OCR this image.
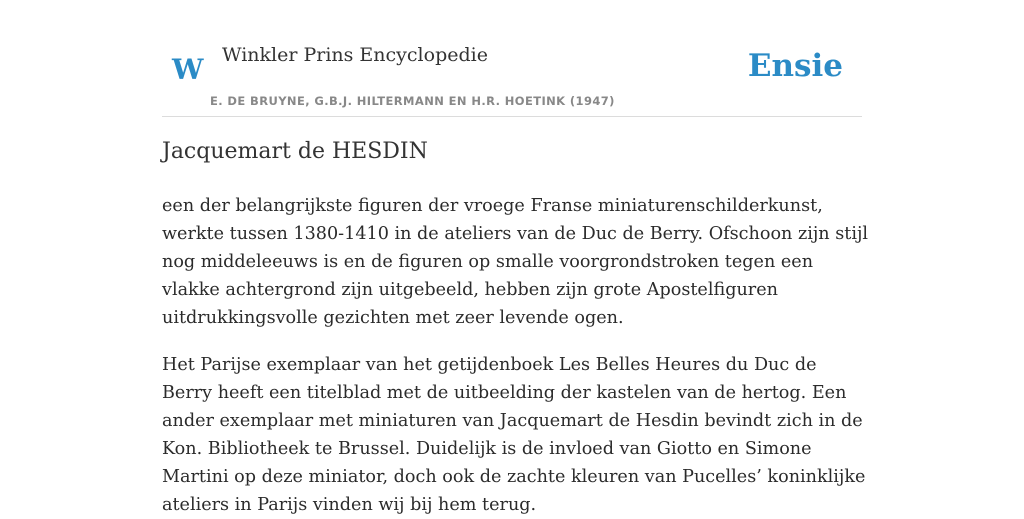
W Winkler Prins Encyclopedie
E. DE BRUYNE, G.B.J. HILTERMANN EN H.R. HOETINK (1947)
Ensie
Jacquemart de HESDIN

een der belangrijkste figuren der vroege Franse miniaturenschilderkunst, werkte tussen 1380-1410 in de ateliers van de Duc de Berry. Ofschoon zijn stijl nog middeleeuws is en de figuren op smalle voorgrondstroken tegen een vlakke achtergrond zijn uitgebeeld, hebben zijn grote Apostelfiguren uitdrukkingsvolle gezichten met zeer levende ogen.

Het Parijse exemplaar van het getijdenboek Les Belles Heures du Duc de Berry heeft een titelblad met de uitbeelding der kastelen van de hertog. Een ander exemplaar met miniaturen van Jacquemart de Hesdin bevindt zich in de Kon. Bibliotheek te Brussel. Duidelijk is de invloed van Giotto en Simone Martini op deze miniator, doch ook de zachte kleuren van Pucelles’ koninklijke ateliers in Parijs vinden wij bij hem terug.
